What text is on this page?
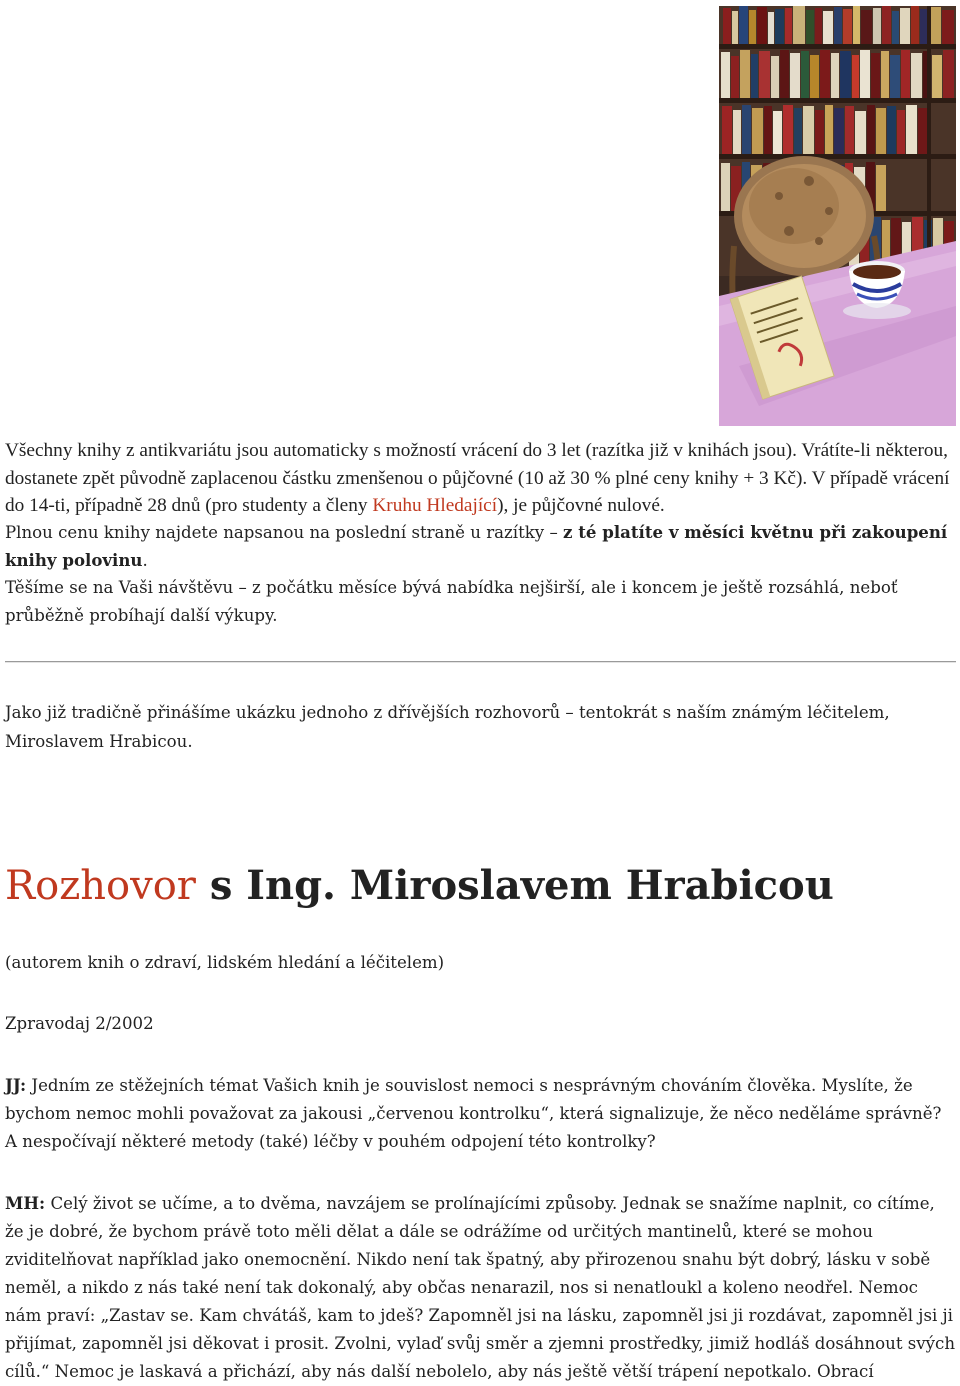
Všechny knihy z antikvariátu jsou automaticky s možností vrácení do 3 let (razítka již v knihách jsou). Vrátíte-li některou, dostanete zpět původně zaplacenou částku zmenšenou o půjčovné (10 až 30 % plné ceny knihy + 3 Kč). V případě vrácení do 14-ti, případně 28 dnů (pro studenty a členy Kruhu Hledající), je půjčovné nulové.

Plnou cenu knihy najdete napsanou na poslední straně u razítky – z té platíte v měsíci květnu při zakoupení knihy polovinu.

Těšíme se na Vaši návštěvu – z počátku měsíce bývá nabídka nejširší, ale i koncem je ještě rozsáhlá, neboť průběžně probíhají další výkupy.

Jako již tradičně přinášíme ukázku jednoho z dřívějších rozhovorů – tentokrát s naším známým léčitelem, Miroslavem Hrabicou.

Rozhovor s Ing. Miroslavem Hrabicou

(autorem knih o zdraví, lidském hledání a léčitelem)

Zpravodaj 2/2002

JJ: Jedním ze stěžejních témat Vašich knih je souvislost nemoci s nesprávným chováním člověka. Myslíte, že bychom nemoc mohli považovat za jakousi „červenou kontrolku“, která signalizuje, že něco neděláme správně? A nespočívají některé metody (také) léčby v pouhém odpojení této kontrolky?

MH: Celý život se učíme, a to dvěma, navzájem se prolínajícími způsoby. Jednak se snažíme naplnit, co cítíme, že je dobré, že bychom právě toto měli dělat a dále se odrážíme od určitých mantinelů, které se mohou zviditelňovat například jako onemocnění. Nikdo není tak špatný, aby přirozenou snahu být dobrý, lásku v sobě neměl, a nikdo z nás také není tak dokonalý, aby občas nenarazil, nos si nenatloukl a koleno neodřel. Nemoc nám praví: „Zastav se. Kam chvátáš, kam to jdeš? Zapomněl jsi na lásku, zapomněl jsi ji rozdávat, zapomněl jsi ji přijímat, zapomněl jsi děkovat i prosit. Zvolni, vylaď svůj směr a zjemni prostředky, jimiž hodláš dosáhnout svých cílů.“ Nemoc je laskavá a přichází, aby nás další nebolelo, aby nás ještě větší trápení nepotkalo. Obrací
